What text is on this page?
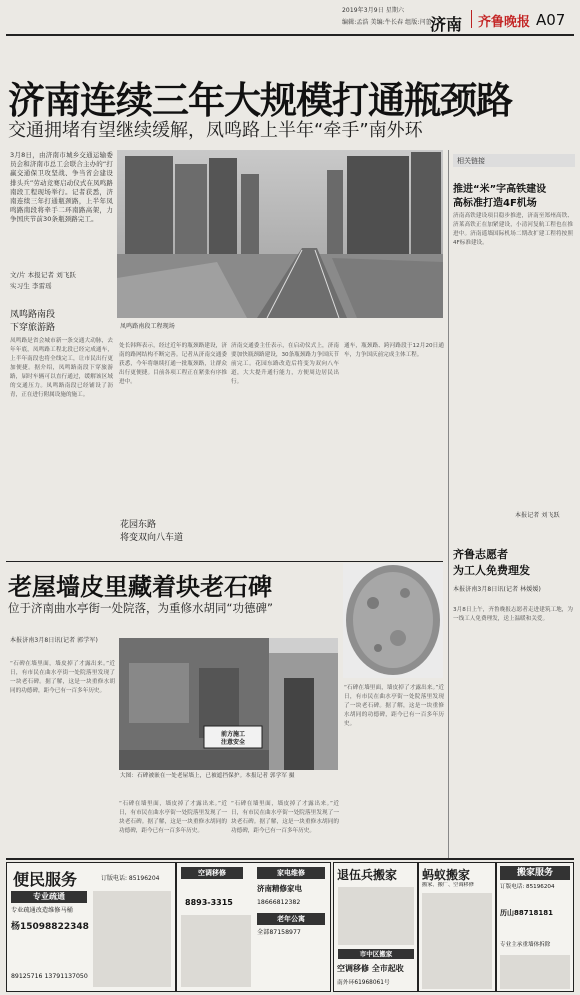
2019年3月9日 星期六
编辑:孟浩 美编:牛长春 组版:闫蕾
济南 齐鲁晚报 A07
济南连续三年大规模打通瓶颈路
交通拥堵有望继续缓解，凤鸣路上半年“牵手”南外环
3月8日，由济南市城乡交通运输委员会和济南市总工会联合主办的“打赢交通保卫攻坚战、争当省会建设排头兵”劳动竞赛启动仪式在凤鸣路南段工程现场举行。记者获悉，济南连续三年打通瓶颈路，上半年凤鸣路南段将牵手二环南路高架，力争国庆节前30条瓶颈路完工。
文/片 本报记者 刘飞跃
实习生 李雷瑶
凤鸣路南段工程现场
凤鸣路南段
下穿旅游路
凤鸣路是省会城市新一条交通大动脉，去年年底，凤鸣路工程北段已经完成通车，上半年南段也将全线完工，让市民出行更加便捷。据介绍，凤鸣路南段下穿旅游路，届时车辆可以直行通过，缓解该区域的交通压力。凤鸣路南段已经铺设了沥青，正在进行附属设施的施工。
处长韩辉表示，经过近年的瓶颈路建设，济南的路网结构不断完善。记者从济南交通委获悉，今年将继续打通一批瓶颈路，让群众出行更便捷。目前各项工程正在紧张有序推进中。
花园东路
将变双向八车道
济南交通委主任表示，在启动仪式上，济南要加快瓶颈路建设，30条瓶颈路力争国庆节前完工。花园东路改造后将变为双向八车道，大大提升通行能力，方便周边居民出行。
通车，瓶颈路、跨河路段于12月20日通车，力争国庆前完成主体工程。
相关链接
推进“米”字高铁建设
高标准打造4F机场
济南高铁建设项目稳步推进，济南至郑州高铁、济莱高铁正在加紧建设，小清河复航工程也在推进中。济南遥墙国际机场二期改扩建工程将按照4F标准建设。
本报记者 刘飞跃
齐鲁志愿者
为工人免费理发
本报济南3月8日讯(记者 林媛媛)
3月8日上午，齐鲁晚报志愿者走进建筑工地，为一线工人免费理发，送上温暖和关爱。
老屋墙皮里藏着块老石碑
位于济南曲水亭街一处院落，为重修水胡同“功德碑”
本报济南3月8日讯(记者 郭学军)
“石碑在墙里面，墙皮掉了才露出来。”近日，有市民在曲水亭街一处院落里发现了一块老石碑。据了解，这是一块重修水胡同的功德碑，距今已有一百多年历史。
前方施工
注意安全
大图：石碑被嵌在一处老屋墙上，已被遮挡保护。本报记者 郭学军 摄
“石碑在墙里面，墙皮掉了才露出来。”近日，有市民在曲水亭街一处院落里发现了一块老石碑。据了解，这是一块重修水胡同的功德碑，距今已有一百多年历史。
“石碑在墙里面，墙皮掉了才露出来。”近日，有市民在曲水亭街一处院落里发现了一块老石碑。据了解，这是一块重修水胡同的功德碑，距今已有一百多年历史。
“石碑在墙里面，墙皮掉了才露出来。”近日，有市民在曲水亭街一处院落里发现了一块老石碑。据了解，这是一块重修水胡同的功德碑，距今已有一百多年历史。
便民服务	订版电话: 85196204
专业疏通
专业疏通改造维修马桶
杨15098822348
89125716 13791137050
空调移修	家电维修
8893-3315
济南精修家电
18666812382
老年公寓
全部87158977
退伍兵搬家
市中区搬家
空调移修 全市起收
南外环61968061号
蚂蚁搬家
搬家、搬厂、空调移修
搬家服务
订版电话: 85196204
历山88718181
专业主承重墙体拆除
